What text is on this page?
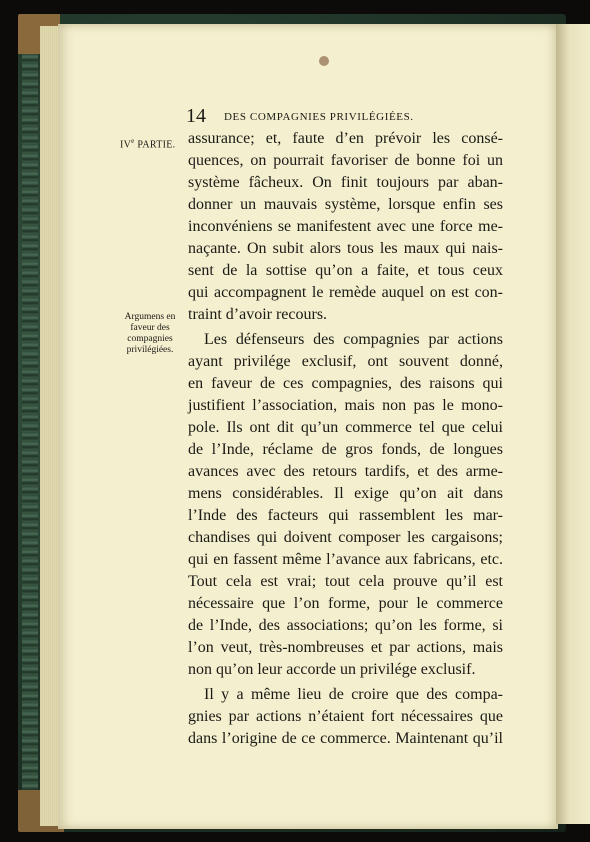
14 DES COMPAGNIES PRIVILÉGIÉES.
IVe PARTIE.
Argumens en
faveur des
compagnies
privilégiées.
assurance; et, faute d’en prévoir les consé-
quences, on pourrait favoriser de bonne foi un
système fâcheux. On finit toujours par aban-
donner un mauvais système, lorsque enfin ses
inconvéniens se manifestent avec une force me-
naçante. On subit alors tous les maux qui nais-
sent de la sottise qu’on a faite, et tous ceux
qui accompagnent le remède auquel on est con-
traint d’avoir recours.
Les défenseurs des compagnies par actions
ayant privilége exclusif, ont souvent donné,
en faveur de ces compagnies, des raisons qui
justifient l’association, mais non pas le mono-
pole. Ils ont dit qu’un commerce tel que celui
de l’Inde, réclame de gros fonds, de longues
avances avec des retours tardifs, et des arme-
mens considérables. Il exige qu’on ait dans
l’Inde des facteurs qui rassemblent les mar-
chandises qui doivent composer les cargaisons;
qui en fassent même l’avance aux fabricans, etc.
Tout cela est vrai; tout cela prouve qu’il est
nécessaire que l’on forme, pour le commerce
de l’Inde, des associations; qu’on les forme, si
l’on veut, très-nombreuses et par actions, mais
non qu’on leur accorde un privilége exclusif.
Il y a même lieu de croire que des compa-
gnies par actions n’étaient fort nécessaires que
dans l’origine de ce commerce. Maintenant qu’il
